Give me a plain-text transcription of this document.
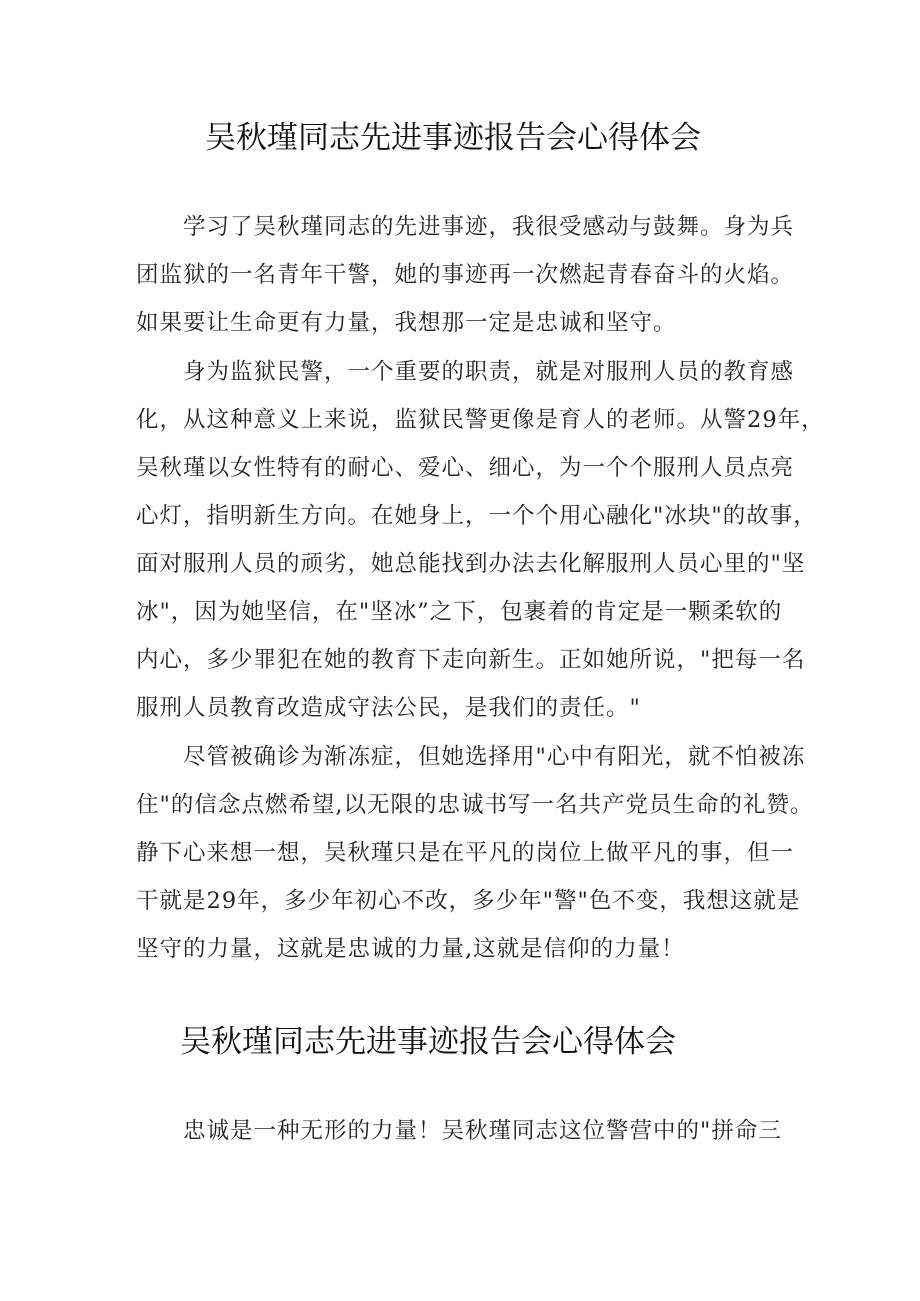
吴秋瑾同志先进事迹报告会心得体会

学习了吴秋瑾同志的先进事迹，我很受感动与鼓舞。身为兵

团监狱的一名青年干警，她的事迹再一次燃起青春奋斗的火焰。

如果要让生命更有力量，我想那一定是忠诚和坚守。

身为监狱民警，一个重要的职责，就是对服刑人员的教育感

化，从这种意义上来说，监狱民警更像是育人的老师。从警29年，

吴秋瑾以女性特有的耐心、爱心、细心，为一个个服刑人员点亮

心灯，指明新生方向。在她身上，一个个用心融化"冰块"的故事，

面对服刑人员的顽劣，她总能找到办法去化解服刑人员心里的"坚

冰"，因为她坚信，在"坚冰”之下，包裹着的肯定是一颗柔软的

内心，多少罪犯在她的教育下走向新生。正如她所说，"把每一名

服刑人员教育改造成守法公民，是我们的责任。"

尽管被确诊为渐冻症，但她选择用"心中有阳光，就不怕被冻

住"的信念点燃希望,以无限的忠诚书写一名共产党员生命的礼赞。

静下心来想一想，吴秋瑾只是在平凡的岗位上做平凡的事，但一

干就是29年，多少年初心不改，多少年"警"色不变，我想这就是

坚守的力量，这就是忠诚的力量,这就是信仰的力量！

吴秋瑾同志先进事迹报告会心得体会

忠诚是一种无形的力量！吴秋瑾同志这位警营中的"拼命三
